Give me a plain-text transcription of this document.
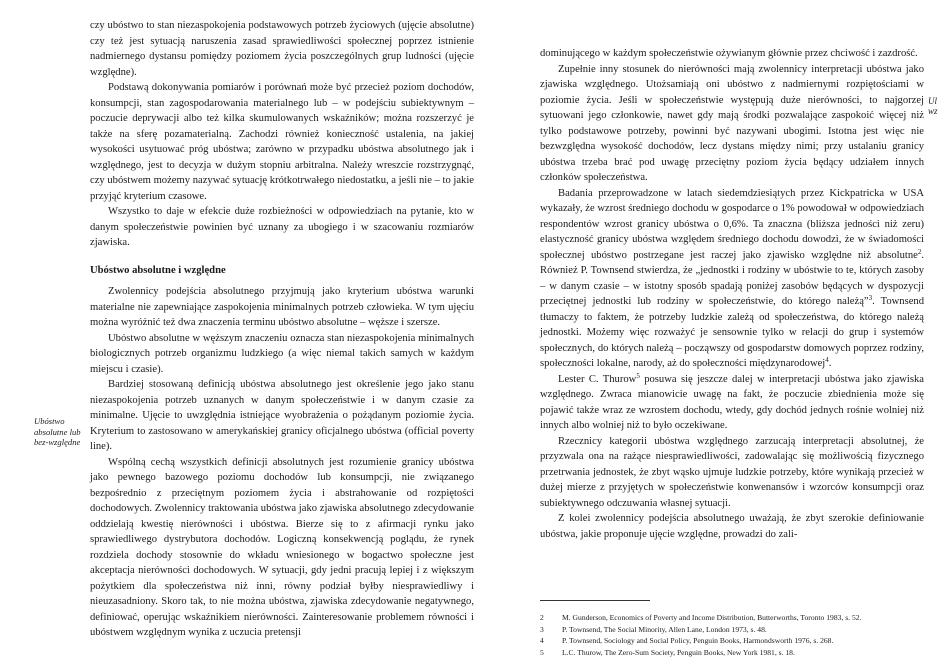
czy ubóstwo to stan niezaspokojenia podstawowych potrzeb życiowych (ujęcie absolutne) czy też jest sytuacją naruszenia zasad sprawiedliwości społecznej poprzez istnienie nadmiernego dystansu pomiędzy poziomem życia poszczególnych grup ludności (ujęcie względne).

Podstawą dokonywania pomiarów i porównań może być przecież poziom dochodów, konsumpcji, stan zagospodarowania materialnego lub – w podejściu subiektywnym – poczucie deprywacji albo też kilka skumulowanych wskaźników; można rozszerzyć je także na sferę pozamaterialną. Zachodzi również konieczność ustalenia, na jakiej wysokości usytuować próg ubóstwa; zarówno w przypadku ubóstwa absolutnego jak i względnego, jest to decyzja w dużym stopniu arbitralna. Należy wreszcie rozstrzygnąć, czy ubóstwem możemy nazywać sytuację krótkotrwałego niedostatku, a jeśli nie – to jakie przyjąć kryterium czasowe.

Wszystko to daje w efekcie duże rozbieżności w odpowiedziach na pytanie, kto w danym społeczeństwie powinien być uznany za ubogiego i w szacowaniu rozmiarów zjawiska.

Ubóstwo absolutne i względne

Zwolennicy podejścia absolutnego przyjmują jako kryterium ubóstwa warunki materialne nie zapewniające zaspokojenia minimalnych potrzeb człowieka. W tym ujęciu można wyróżnić też dwa znaczenia terminu ubóstwo absolutne – węższe i szersze.

Ubóstwo absolutne w węższym znaczeniu oznacza stan niezaspokojenia minimalnych biologicznych potrzeb organizmu ludzkiego (a więc niemal takich samych w każdym miejscu i czasie).

Bardziej stosowaną definicją ubóstwa absolutnego jest określenie jego jako stanu niezaspokojenia potrzeb uznanych w danym społeczeństwie i w danym czasie za minimalne. Ujęcie to uwzględnia istniejące wyobrażenia o pożądanym poziomie życia. Kryterium to zastosowano w amerykańskiej granicy oficjalnego ubóstwa (official poverty line).

Wspólną cechą wszystkich definicji absolutnych jest rozumienie granicy ubóstwa jako pewnego bazowego poziomu dochodów lub konsumpcji, nie związanego bezpośrednio z przeciętnym poziomem życia i abstrahowanie od rozpiętości dochodowych. Zwolennicy traktowania ubóstwa jako zjawiska absolutnego zdecydowanie oddzielają kwestię nierówności i ubóstwa. Bierze się to z afirmacji rynku jako sprawiedliwego dystrybutora dochodów. Logiczną konsekwencją poglądu, że rynek rozdziela dochody stosownie do wkładu wniesionego w bogactwo społeczne jest akceptacja nierówności dochodowych. W sytuacji, gdy jedni pracują lepiej i z większym pożytkiem dla społeczeństwa niż inni, równy podział byłby niesprawiedliwy i nieuzasadniony. Skoro tak, to nie można ubóstwa, zjawiska zdecydowanie negatywnego, definiować, operując wskaźnikiem nierówności. Zainteresowanie problemem równości i ubóstwem względnym wynika z uczucia pretensji

Ubóstwo absolutne lub bez-względne
Ul wz

dominującego w każdym społeczeństwie ożywianym głównie przez chciwość i zazdrość.

Zupełnie inny stosunek do nierówności mają zwolennicy interpretacji ubóstwa jako zjawiska względnego. Utożsamiają oni ubóstwo z nadmiernymi rozpiętościami w poziomie życia. Jeśli w społeczeństwie występują duże nierówności, to najgorzej sytuowani jego członkowie, nawet gdy mają środki pozwalające zaspokoić więcej niż tylko podstawowe potrzeby, powinni być nazywani ubogimi. Istotna jest więc nie bezwzględna wysokość dochodów, lecz dystans między nimi; przy ustalaniu granicy ubóstwa trzeba brać pod uwagę przeciętny poziom życia będący udziałem innych członków społeczeństwa.

Badania przeprowadzone w latach siedemdziesiątych przez Kickpatricka w USA wykazały, że wzrost średniego dochodu w gospodarce o 1% powodował w odpowiedziach respondentów wzrost granicy ubóstwa o 0,6%. Ta znaczna (bliższa jedności niż zeru) elastyczność granicy ubóstwa względem średniego dochodu dowodzi, że w świadomości społecznej ubóstwo postrzegane jest raczej jako zjawisko względne niż absolutne$^2$. Również P. Townsend stwierdza, że „jednostki i rodziny w ubóstwie to te, których zasoby – w danym czasie – w istotny sposób spadają poniżej zasobów będących w dyspozycji przeciętnej jednostki lub rodziny w społeczeństwie, do którego należą”$^3$. Townsend tłumaczy to faktem, że potrzeby ludzkie zależą od społeczeństwa, do którego należą jednostki. Możemy więc rozważyć je sensownie tylko w relacji do grup i systemów społecznych, do których należą – począwszy od gospodarstw domowych poprzez rodziny, społeczności lokalne, narody, aż do społeczności międzynarodowej$^4$.

Lester C. Thurow$^5$ posuwa się jeszcze dalej w interpretacji ubóstwa jako zjawiska względnego. Zwraca mianowicie uwagę na fakt, że poczucie zbiednienia może się pojawić także wraz ze wzrostem dochodu, wtedy, gdy dochód jednych rośnie wolniej niż innych albo wolniej niż to było oczekiwane.

Rzecznicy kategorii ubóstwa względnego zarzucają interpretacji absolutnej, że przyzwala ona na rażące niesprawiedliwości, zadowalając się możliwością fizycznego przetrwania jednostek, że zbyt wąsko ujmuje ludzkie potrzeby, które wynikają przecież w dużej mierze z przyjętych w społeczeństwie konwenansów i wzorców konsumpcji oraz subiektywnego odczuwania własnej sytuacji.

Z kolei zwolennicy podejścia absolutnego uważają, że zbyt szerokie definiowanie ubóstwa, jakie proponuje ujęcie względne, prowadzi do zali-

2 M. Gunderson, Economics of Poverty and Income Distribution, Butterworths, Toronto 1983, s. 52.

3 P. Townsend, The Social Minority, Allen Lane, London 1973, s. 48.

4 P. Townsend, Sociology and Social Policy, Penguin Books, Harmondsworth 1976, s. 268.

5 L.C. Thurow, The Zero-Sum Society, Penguin Books, New York 1981, s. 18.
